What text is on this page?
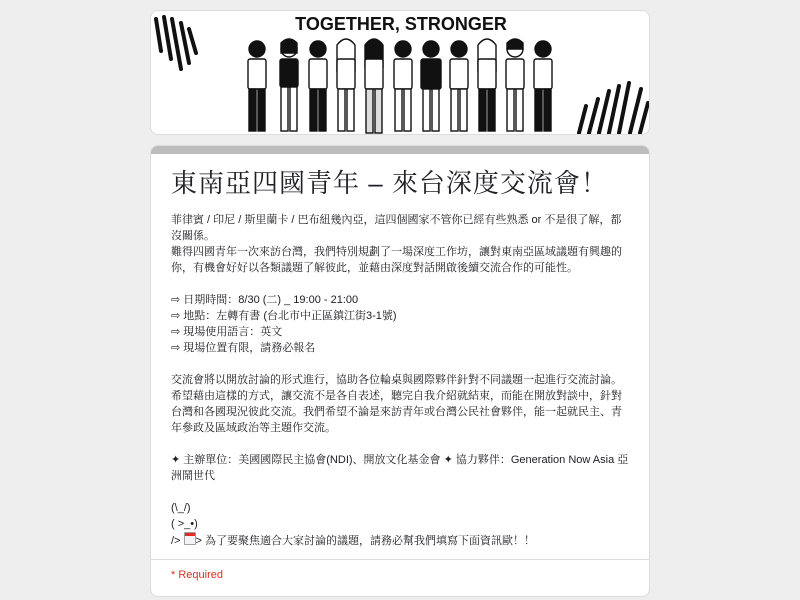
TOGETHER, STRONGER
東南亞四國青年 – 來台深度交流會！

菲律賓 / 印尼 / 斯里蘭卡 / 巴布紐幾內亞，這四個國家不管你已經有些熟悉 or 不是很了解，都沒關係。

難得四國青年一次來訪台灣，我們特別規劃了一場深度工作坊，讓對東南亞區域議題有興趣的你，有機會好好以各類議題了解彼此，並藉由深度對話開啟後續交流合作的可能性。

⇨ 日期時間：8/30 (二) _ 19:00 - 21:00

⇨ 地點：左轉有書 (台北市中正區鎮江街3-1號)

⇨ 現場使用語言：英文

⇨ 現場位置有限，請務必報名

交流會將以開放討論的形式進行，協助各位輪桌與國際夥伴針對不同議題一起進行交流討論。希望藉由這樣的方式，讓交流不是各自表述，聽完自我介紹就結束，而能在開放對談中，針對台灣和各國現況彼此交流。我們希望不論是來訪青年或台灣公民社會夥伴，能一起就民主、青年參政及區域政治等主題作交流。

✦ 主辦單位：美國國際民主協會(NDI)、開放文化基金會 ✦ 協力夥伴：Generation Now Asia 亞洲鬧世代

(\_/)

( >_•)

/> > 為了要聚焦適合大家討論的議題，請務必幫我們填寫下面資訊歐！！

* Required
